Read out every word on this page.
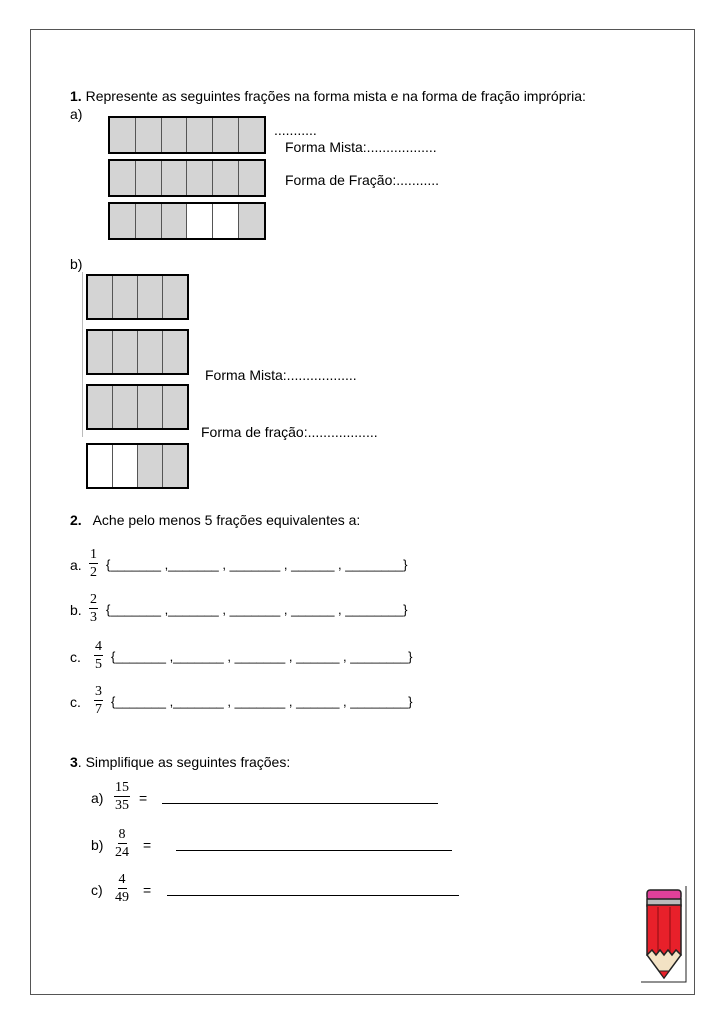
1. Represente as seguintes frações na forma mista e na forma de fração imprópria:
a)
...........
Forma Mista:..................
Forma de Fração:...........
b)
Forma Mista:..................
Forma de fração:..................
2. Ache pelo menos 5 frações equivalentes a:
a. $\frac{1}{2}$ {_______ ,_______ , _______ , ______ , ________}
b. $\frac{2}{3}$ {_______ ,_______ , _______ , ______ , ________}
c. $\frac{4}{5}$ {_______ ,_______ , _______ , ______ , ________}
c. $\frac{3}{7}$ {_______ ,_______ , _______ , ______ , ________}
3. Simplifique as seguintes frações:
$a) \frac{15}{35}$ =
$b) \frac{8}{24}$ =
$c) \frac{4}{49}$ =
